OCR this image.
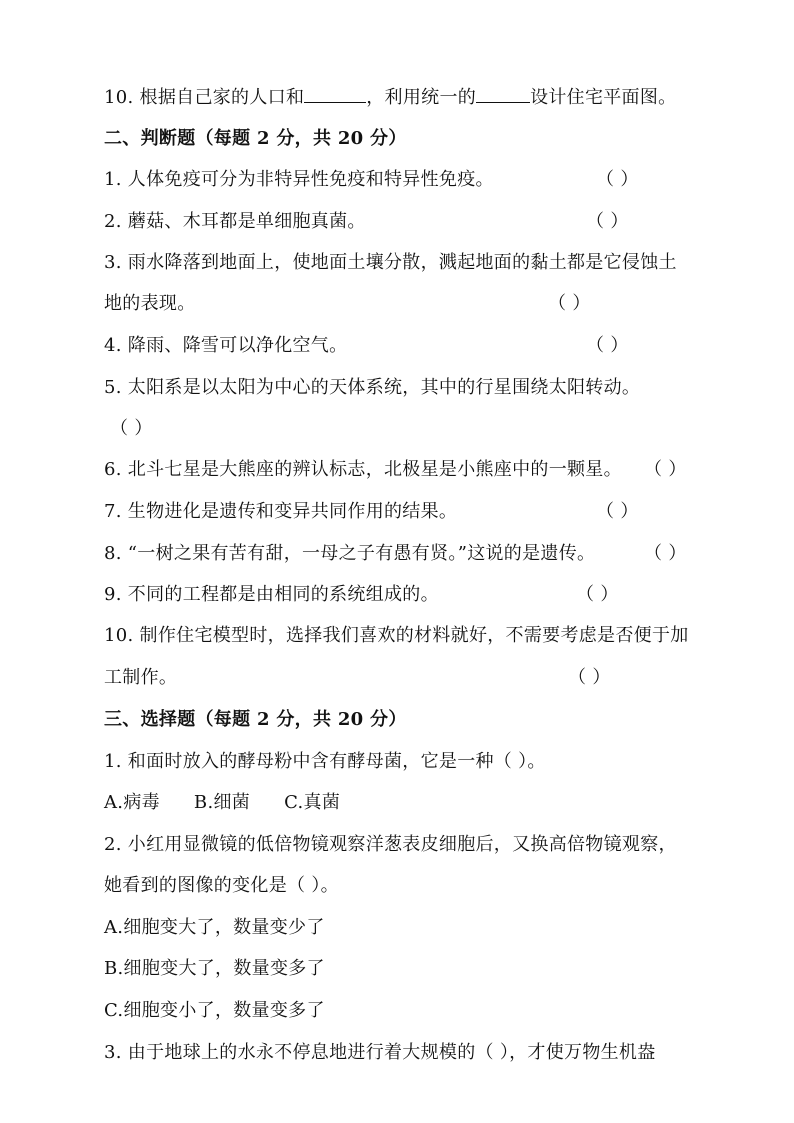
10. 根据自己家的人口和	，利用统一的	设计住宅平面图。
二、判断题（每题 2 分，共 20 分）
1. 人体免疫可分为非特异性免疫和特异性免疫。	（ ）
2. 蘑菇、木耳都是单细胞真菌。	（ ）
3. 雨水降落到地面上，使地面土壤分散，溅起地面的黏土都是它侵蚀土
地的表现。	（ ）
4. 降雨、降雪可以净化空气。	（ ）
5. 太阳系是以太阳为中心的天体系统，其中的行星围绕太阳转动。
（ ）
6. 北斗七星是大熊座的辨认标志，北极星是小熊座中的一颗星。 （ ）
7. 生物进化是遗传和变异共同作用的结果。	（ ）
8. “一树之果有苦有甜，一母之子有愚有贤。”这说的是遗传。	（ ）
9. 不同的工程都是由相同的系统组成的。	（ ）
10. 制作住宅模型时，选择我们喜欢的材料就好，不需要考虑是否便于加
工制作。	（ ）
三、选择题（每题 2 分，共 20 分）
1. 和面时放入的酵母粉中含有酵母菌，它是一种（ ）。
A.病毒 B.细菌 C.真菌
2. 小红用显微镜的低倍物镜观察洋葱表皮细胞后，又换高倍物镜观察，
她看到的图像的变化是（ ）。
A.细胞变大了，数量变少了
B.细胞变大了，数量变多了
C.细胞变小了，数量变多了
3. 由于地球上的水永不停息地进行着大规模的（ ），才使万物生机盎
